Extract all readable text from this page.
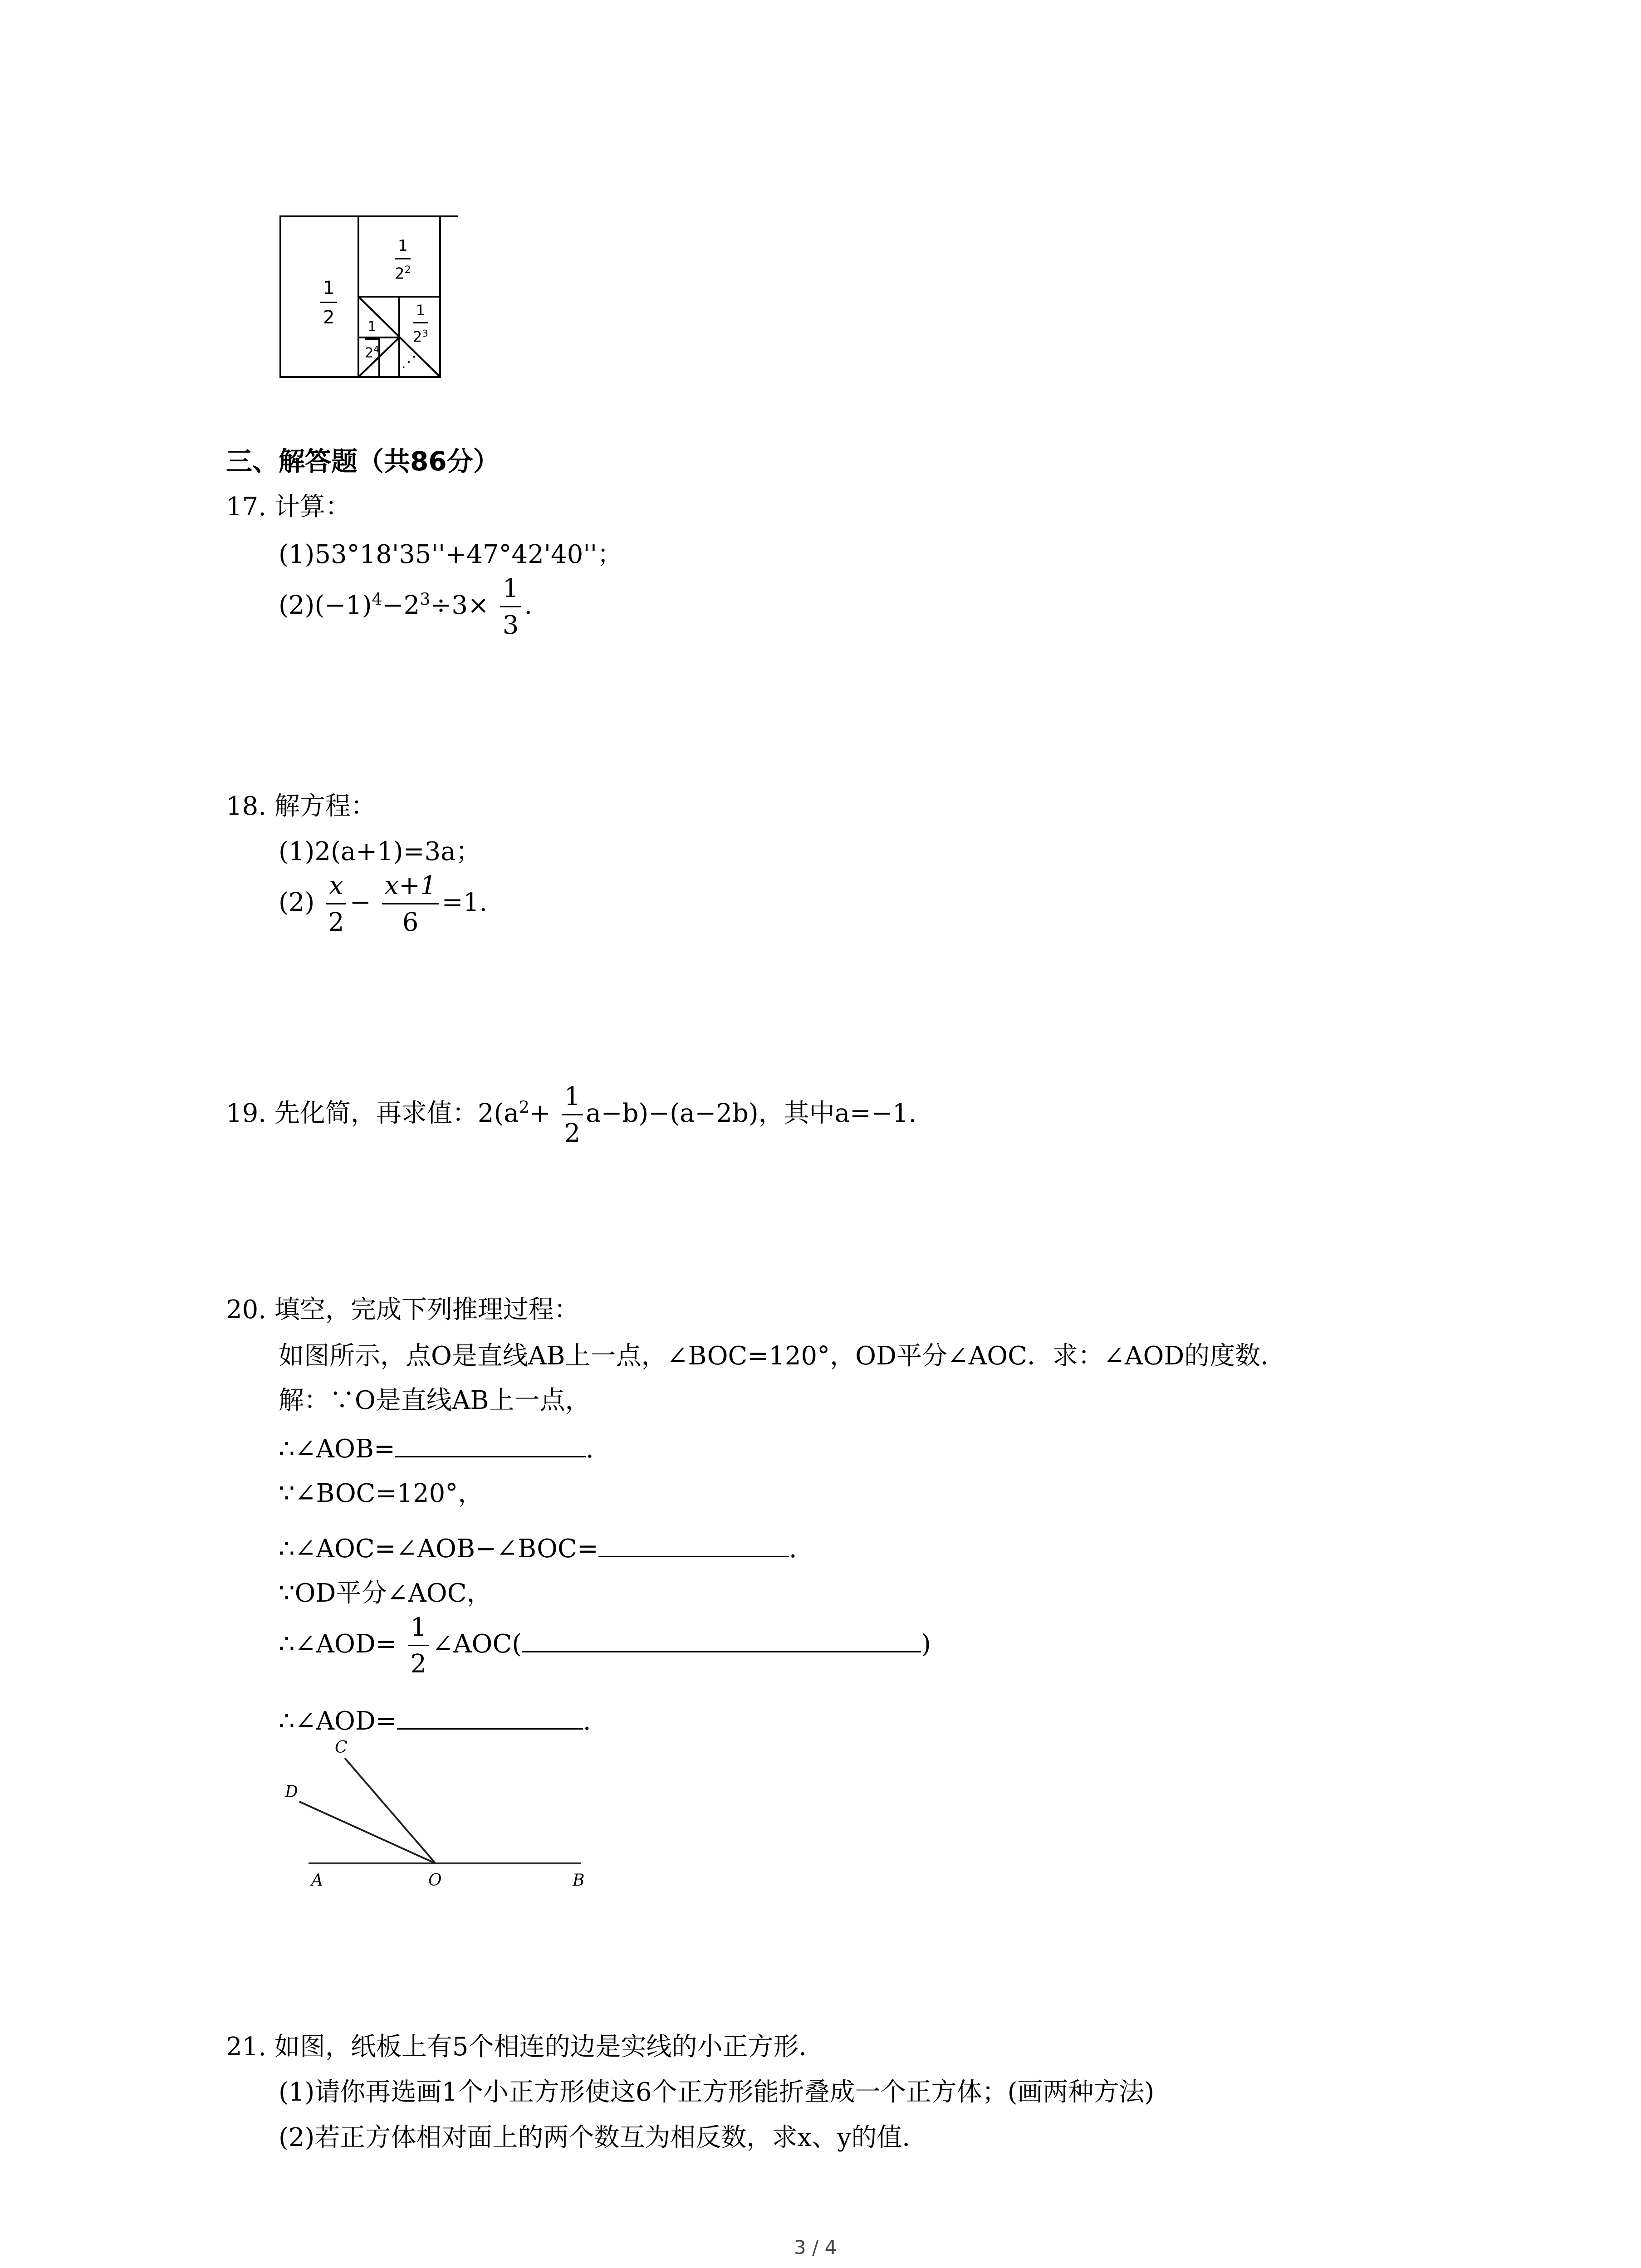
$\frac{1}{2}$
$\frac{1}{2^2}$
$\frac{1}{2^3}$
$\frac{1}{2^4}$
⋰
三、解答题（共86分）
17. 计算：
(1)53°18'35''+47°42'40''；
$(2)(-1)^4-2^3\div 3\times \frac{1}{3}$ .
18. 解方程：
(1)2(a+1)=3a；
$(2) \frac{x}{2} - \frac{x+1}{6} =1$.
19. 先化简，再求值：$2(a^2+ \frac{1}{2} a-b)-(a-2b)$，其中a=−1.
20. 填空，完成下列推理过程：
如图所示，点O是直线AB上一点，∠BOC=120°，OD平分∠AOC．求：∠AOD的度数．
解：∵O是直线AB上一点，
∴∠AOB=	.
∵∠BOC=120°，
∴∠AOC=∠AOB−∠BOC=	.
∵OD平分∠AOC，
∴∠AOD= $\frac{1}{2}$ ∠AOC(	)
∴∠AOD=	.
A	O	B
C
D
21. 如图，纸板上有5个相连的边是实线的小正方形．
(1)请你再选画1个小正方形使这6个正方形能折叠成一个正方体；(画两种方法)
(2)若正方体相对面上的两个数互为相反数，求x、y的值．
3 / 4
